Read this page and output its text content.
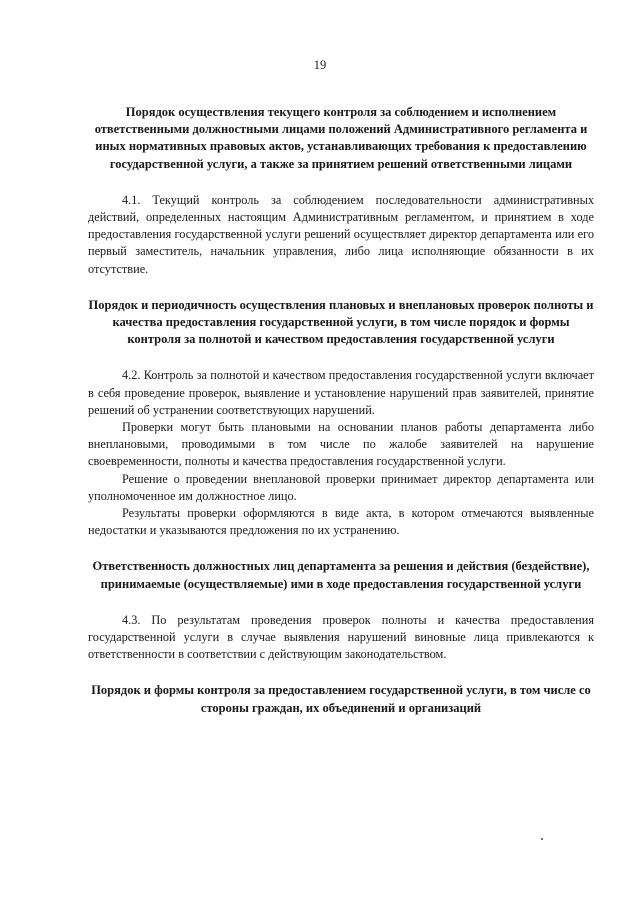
19

Порядок осуществления текущего контроля за соблюдением и исполнением ответственными должностными лицами положений Административного регламента и иных нормативных правовых актов, устанавливающих требования к предоставлению государственной услуги, а также за принятием решений ответственными лицами

4.1. Текущий контроль за соблюдением последовательности административных действий, определенных настоящим Административным регламентом, и принятием в ходе предоставления государственной услуги решений осуществляет директор департамента или его первый заместитель, начальник управления, либо лица исполняющие обязанности в их отсутствие.

Порядок и периодичность осуществления плановых и внеплановых проверок полноты и качества предоставления государственной услуги, в том числе порядок и формы контроля за полнотой и качеством предоставления государственной услуги

4.2. Контроль за полнотой и качеством предоставления государственной услуги включает в себя проведение проверок, выявление и установление нарушений прав заявителей, принятие решений об устранении соответствующих нарушений.

Проверки могут быть плановыми на основании планов работы департамента либо внеплановыми, проводимыми в том числе по жалобе заявителей на нарушение своевременности, полноты и качества предоставления государственной услуги.

Решение о проведении внеплановой проверки принимает директор департамента или уполномоченное им должностное лицо.

Результаты проверки оформляются в виде акта, в котором отмечаются выявленные недостатки и указываются предложения по их устранению.

Ответственность должностных лиц департамента за решения и действия (бездействие), принимаемые (осуществляемые) ими в ходе предоставления государственной услуги

4.3. По результатам проведения проверок полноты и качества предоставления государственной услуги в случае выявления нарушений виновные лица привлекаются к ответственности в соответствии с действующим законодательством.

Порядок и формы контроля за предоставлением государственной услуги, в том числе со стороны граждан, их объединений и организаций
